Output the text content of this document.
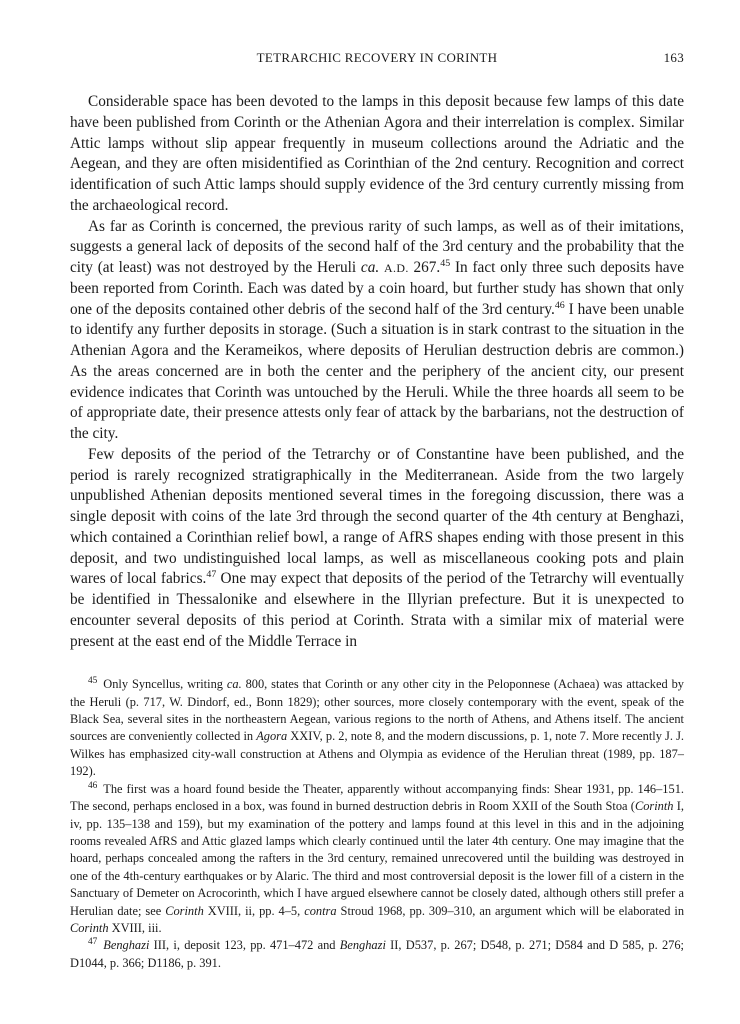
TETRARCHIC RECOVERY IN CORINTH	163

Considerable space has been devoted to the lamps in this deposit because few lamps of this date have been published from Corinth or the Athenian Agora and their interrelation is complex. Similar Attic lamps without slip appear frequently in museum collections around the Adriatic and the Aegean, and they are often misidentified as Corinthian of the 2nd century. Recognition and correct identification of such Attic lamps should supply evidence of the 3rd century currently missing from the archaeological record.

As far as Corinth is concerned, the previous rarity of such lamps, as well as of their imitations, suggests a general lack of deposits of the second half of the 3rd century and the probability that the city (at least) was not destroyed by the Heruli ca. A.D. 267.45 In fact only three such deposits have been reported from Corinth. Each was dated by a coin hoard, but further study has shown that only one of the deposits contained other debris of the second half of the 3rd century.$^{46}$ I have been unable to identify any further deposits in storage. (Such a situation is in stark contrast to the situation in the Athenian Agora and the Kerameikos, where deposits of Herulian destruction debris are common.) As the areas concerned are in both the center and the periphery of the ancient city, our present evidence indicates that Corinth was untouched by the Heruli. While the three hoards all seem to be of appropriate date, their presence attests only fear of attack by the barbarians, not the destruction of the city.

Few deposits of the period of the Tetrarchy or of Constantine have been published, and the period is rarely recognized stratigraphically in the Mediterranean. Aside from the two largely unpublished Athenian deposits mentioned several times in the foregoing discussion, there was a single deposit with coins of the late 3rd through the second quarter of the 4th century at Benghazi, which contained a Corinthian relief bowl, a range of AfRS shapes ending with those present in this deposit, and two undistinguished local lamps, as well as miscellaneous cooking pots and plain wares of local fabrics.$^{47}$ One may expect that deposits of the period of the Tetrarchy will eventually be identified in Thessalonike and elsewhere in the Illyrian prefecture. But it is unexpected to encounter several deposits of this period at Corinth. Strata with a similar mix of material were present at the east end of the Middle Terrace in

$^{45}$ Only Syncellus, writing ca. 800, states that Corinth or any other city in the Peloponnese (Achaea) was attacked by the Heruli (p. 717, W. Dindorf, ed., Bonn 1829); other sources, more closely contemporary with the event, speak of the Black Sea, several sites in the northeastern Aegean, various regions to the north of Athens, and Athens itself. The ancient sources are conveniently collected in Agora XXIV, p. 2, note 8, and the modern discussions, p. 1, note 7. More recently J. J. Wilkes has emphasized city-wall construction at Athens and Olympia as evidence of the Herulian threat (1989, pp. 187–192).

$^{46}$ The first was a hoard found beside the Theater, apparently without accompanying finds: Shear 1931, pp. 146–151. The second, perhaps enclosed in a box, was found in burned destruction debris in Room XXII of the South Stoa (Corinth I, iv, pp. 135–138 and 159), but my examination of the pottery and lamps found at this level in this and in the adjoining rooms revealed AfRS and Attic glazed lamps which clearly continued until the later 4th century. One may imagine that the hoard, perhaps concealed among the rafters in the 3rd century, remained unrecovered until the building was destroyed in one of the 4th-century earthquakes or by Alaric. The third and most controversial deposit is the lower fill of a cistern in the Sanctuary of Demeter on Acrocorinth, which I have argued elsewhere cannot be closely dated, although others still prefer a Herulian date; see Corinth XVIII, ii, pp. 4–5, contra Stroud 1968, pp. 309–310, an argument which will be elaborated in Corinth XVIII, iii.

$^{47}$ Benghazi III, i, deposit 123, pp. 471–472 and Benghazi II, D537, p. 267; D548, p. 271; D584 and D 585, p. 276; D1044, p. 366; D1186, p. 391.
